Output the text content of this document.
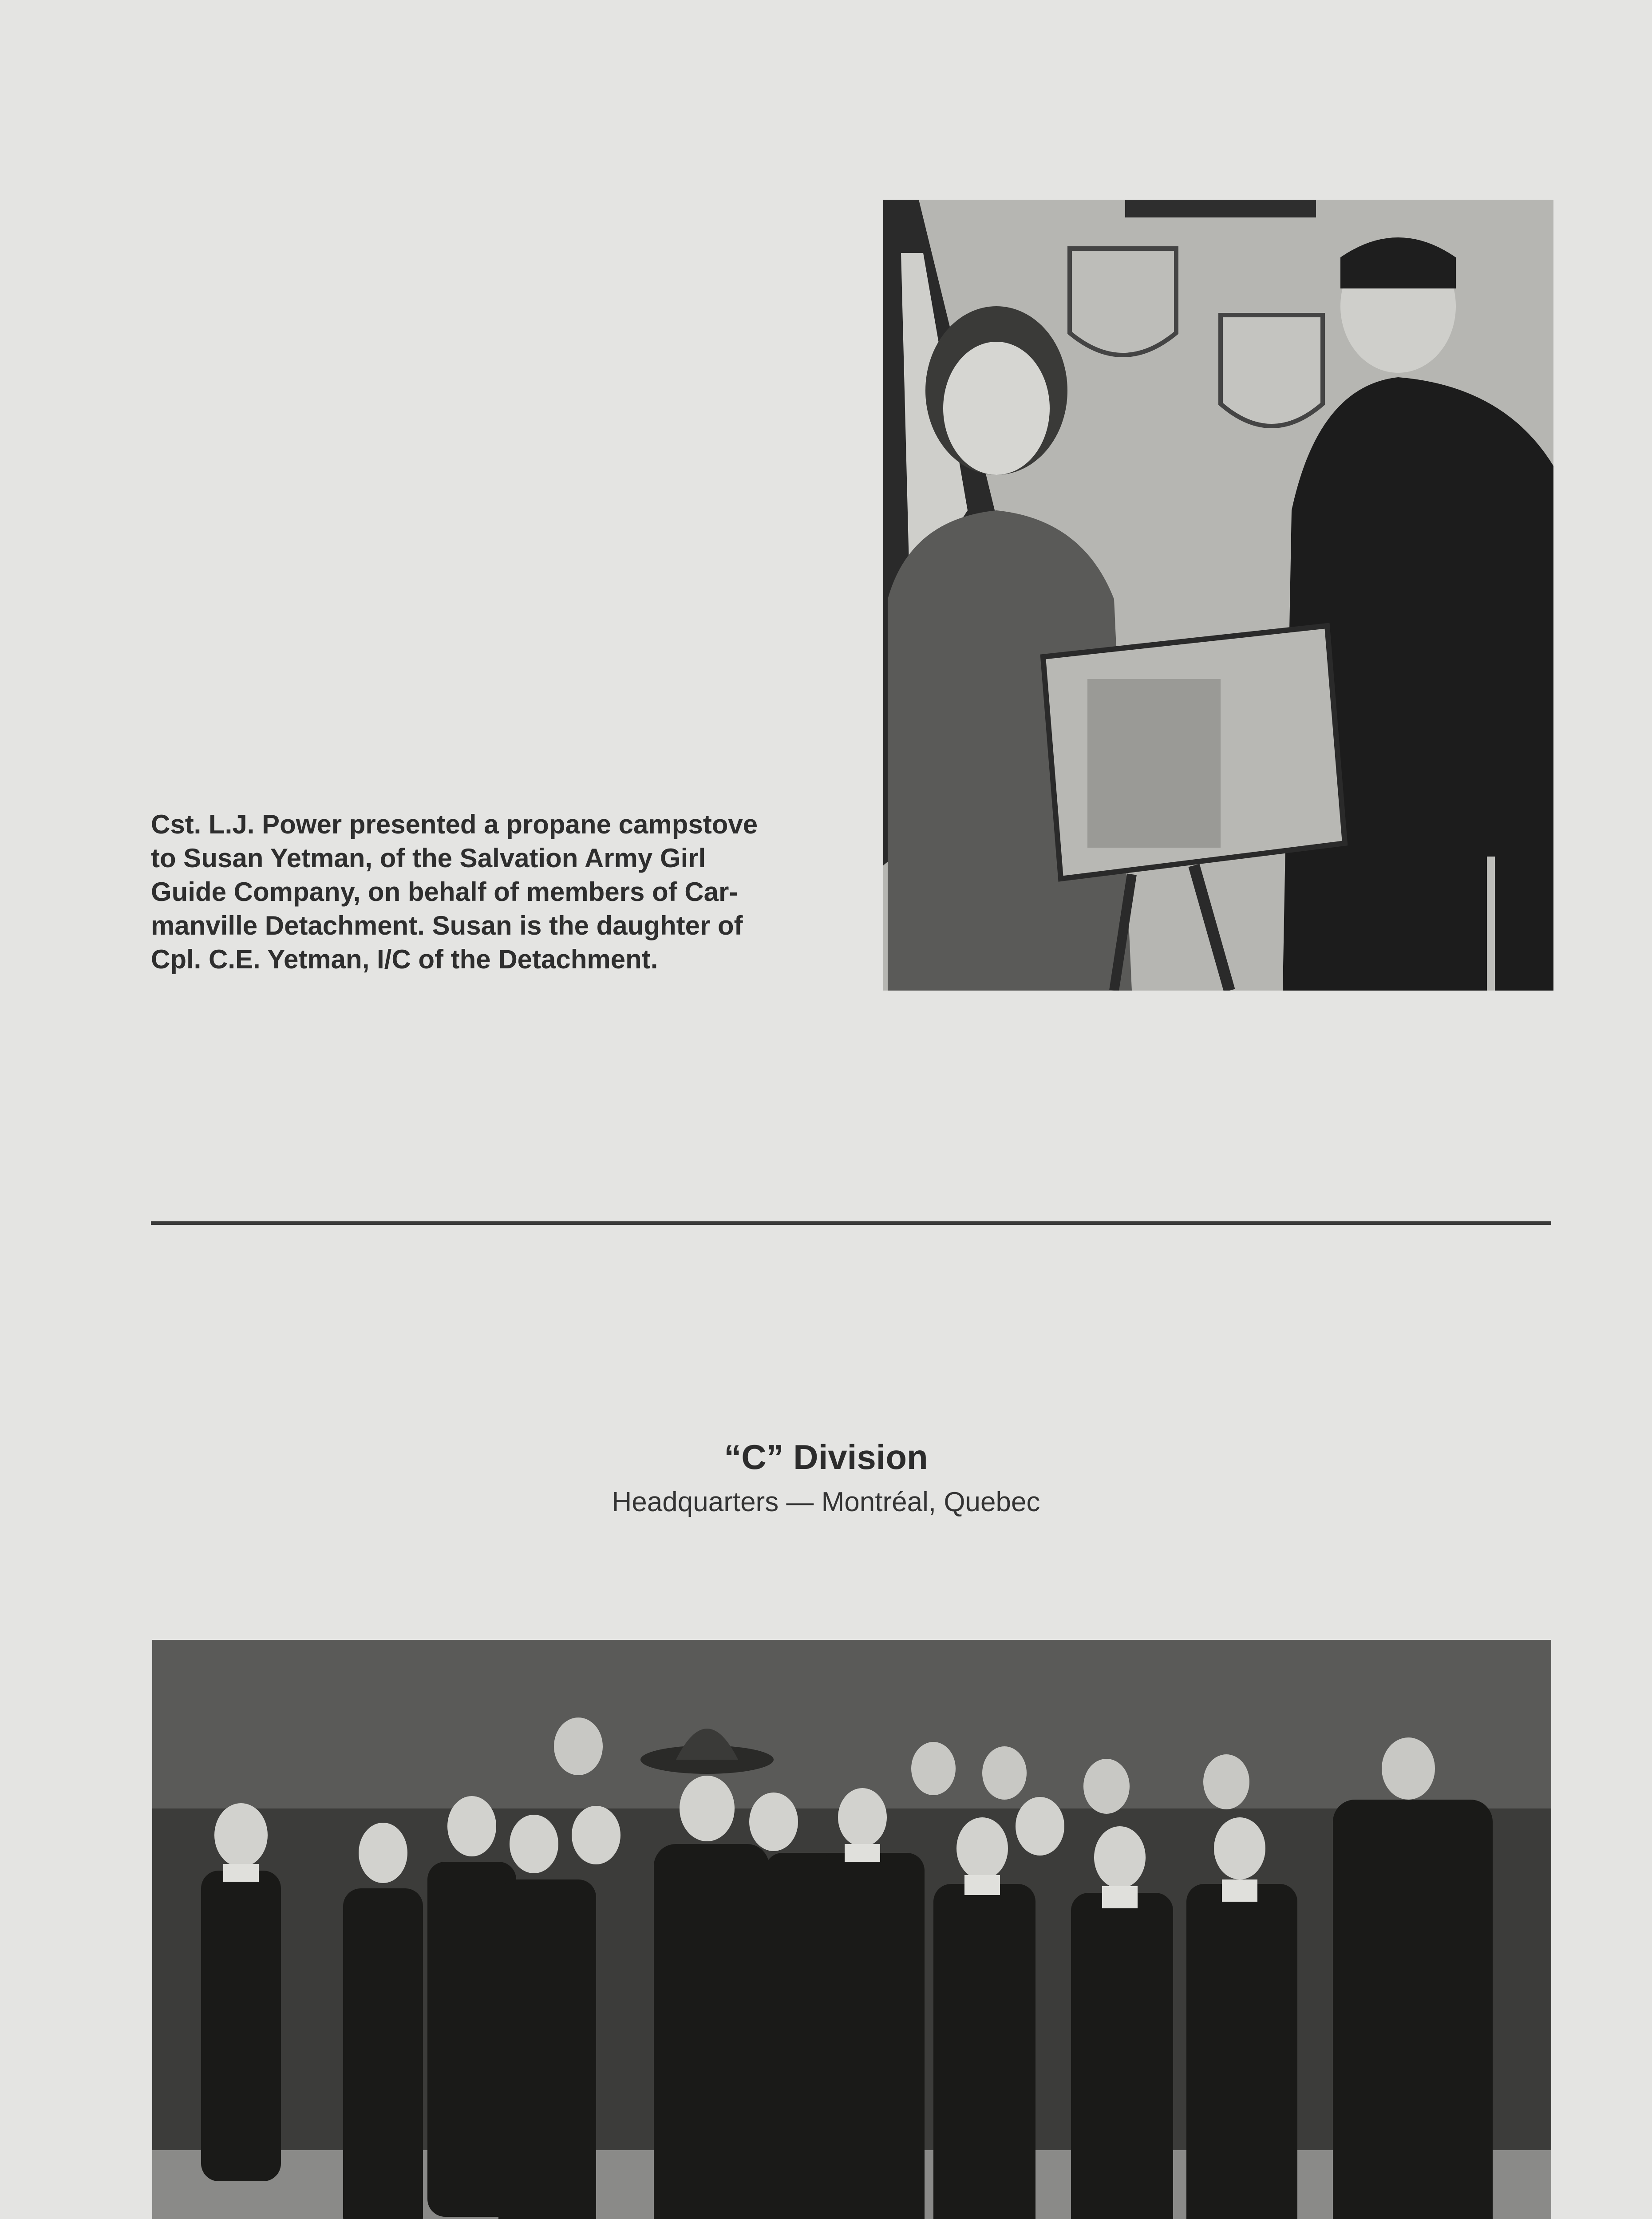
Cst. L.J. Power presented a propane campstove
to Susan Yetman, of the Salvation Army Girl
Guide Company, on behalf of members of Car-
manville Detachment. Susan is the daughter of
Cpl. C.E. Yetman, I/C of the Detachment.
“C” Division
Headquarters — Montréal, Quebec
